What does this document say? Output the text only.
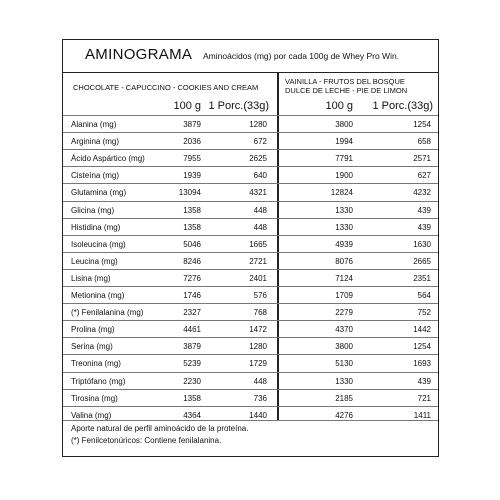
AMINOGRAMA Aminoácidos (mg) por cada 100g de Whey Pro Win.
CHOCOLATE - CAPUCCINO - COOKIES AND CREAM
VAINILLA - FRUTOS DEL BOSQUE
DULCE DE LECHE - PIE DE LIMON
100 g 1 Porc.(33g)	100 g	1 Porc.(33g)
Alanina (mg)	3879	1280	3800	1254
Arginina (mg)	2036	672	1994	658
Ácido Aspártico (mg)	7955	2625	7791	2571
Cisteína (mg)	1939	640	1900	627
Glutamina (mg)	13094	4321	12824	4232
Glicina (mg)	1358	448	1330	439
Histidina (mg)	1358	448	1330	439
Isoleucina (mg)	5046	1665	4939	1630
Leucina (mg)	8246	2721	8076	2665
Lisina (mg)	7276	2401	7124	2351
Metionina (mg)	1746	576	1709	564
(*) Fenilalanina (mg)	2327	768	2279	752
Prolina (mg)	4461	1472	4370	1442
Serina (mg)	3879	1280	3800	1254
Treonina (mg)	5239	1729	5130	1693
Triptófano (mg)	2230	448	1330	439
Tirosina (mg)	1358	736	2185	721
Valina (mg)	4364	1440	4276	1411
Aporte natural de perfil aminoácido de la proteína.
(*) Fenilcetonúricos: Contiene fenilalanina.
